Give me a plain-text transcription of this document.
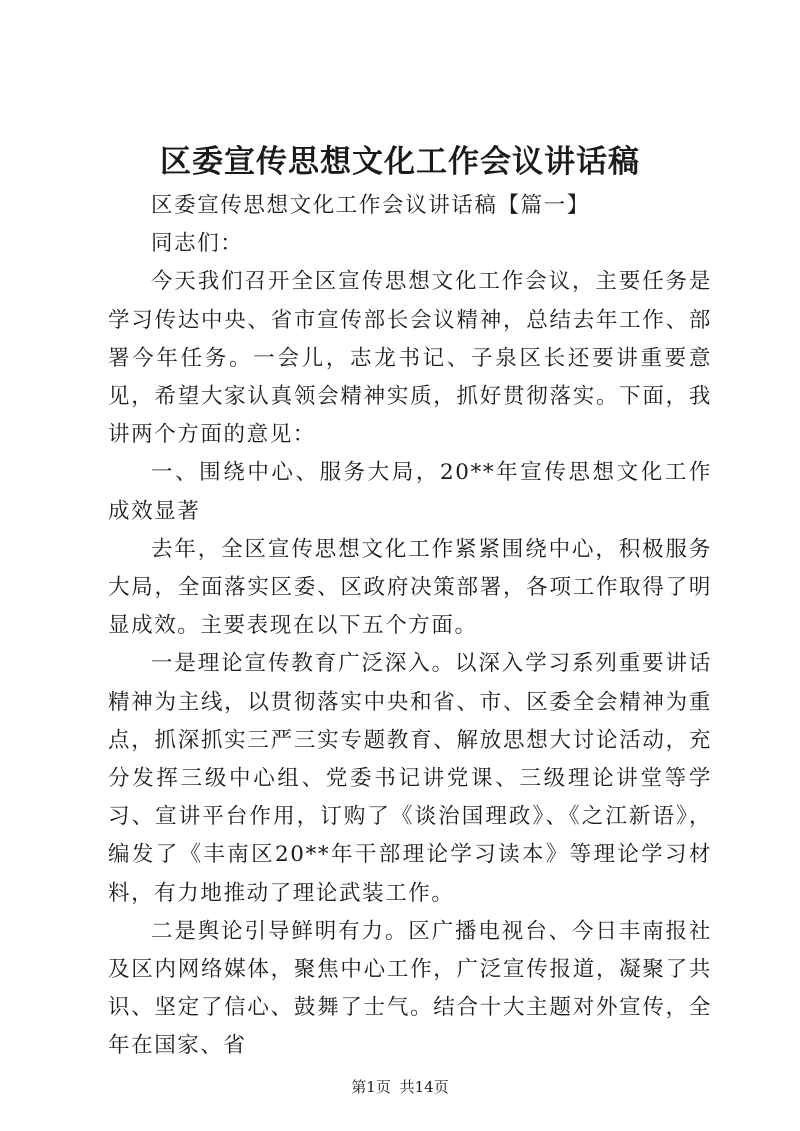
区委宣传思想文化工作会议讲话稿

区委宣传思想文化工作会议讲话稿【篇一】

同志们：

今天我们召开全区宣传思想文化工作会议，主要任务是学习传达中央、省市宣传部长会议精神，总结去年工作、部署今年任务。一会儿，志龙书记、子泉区长还要讲重要意见，希望大家认真领会精神实质，抓好贯彻落实。下面，我讲两个方面的意见：

一、围绕中心、服务大局，20**年宣传思想文化工作成效显著

去年，全区宣传思想文化工作紧紧围绕中心，积极服务大局，全面落实区委、区政府决策部署，各项工作取得了明显成效。主要表现在以下五个方面。

一是理论宣传教育广泛深入。以深入学习系列重要讲话精神为主线，以贯彻落实中央和省、市、区委全会精神为重点，抓深抓实三严三实专题教育、解放思想大讨论活动，充分发挥三级中心组、党委书记讲党课、三级理论讲堂等学习、宣讲平台作用，订购了《谈治国理政》、《之江新语》，编发了《丰南区20**年干部理论学习读本》等理论学习材料，有力地推动了理论武装工作。

二是舆论引导鲜明有力。区广播电视台、今日丰南报社及区内网络媒体，聚焦中心工作，广泛宣传报道，凝聚了共识、坚定了信心、鼓舞了士气。结合十大主题对外宣传，全年在国家、省

第1页 共14页
